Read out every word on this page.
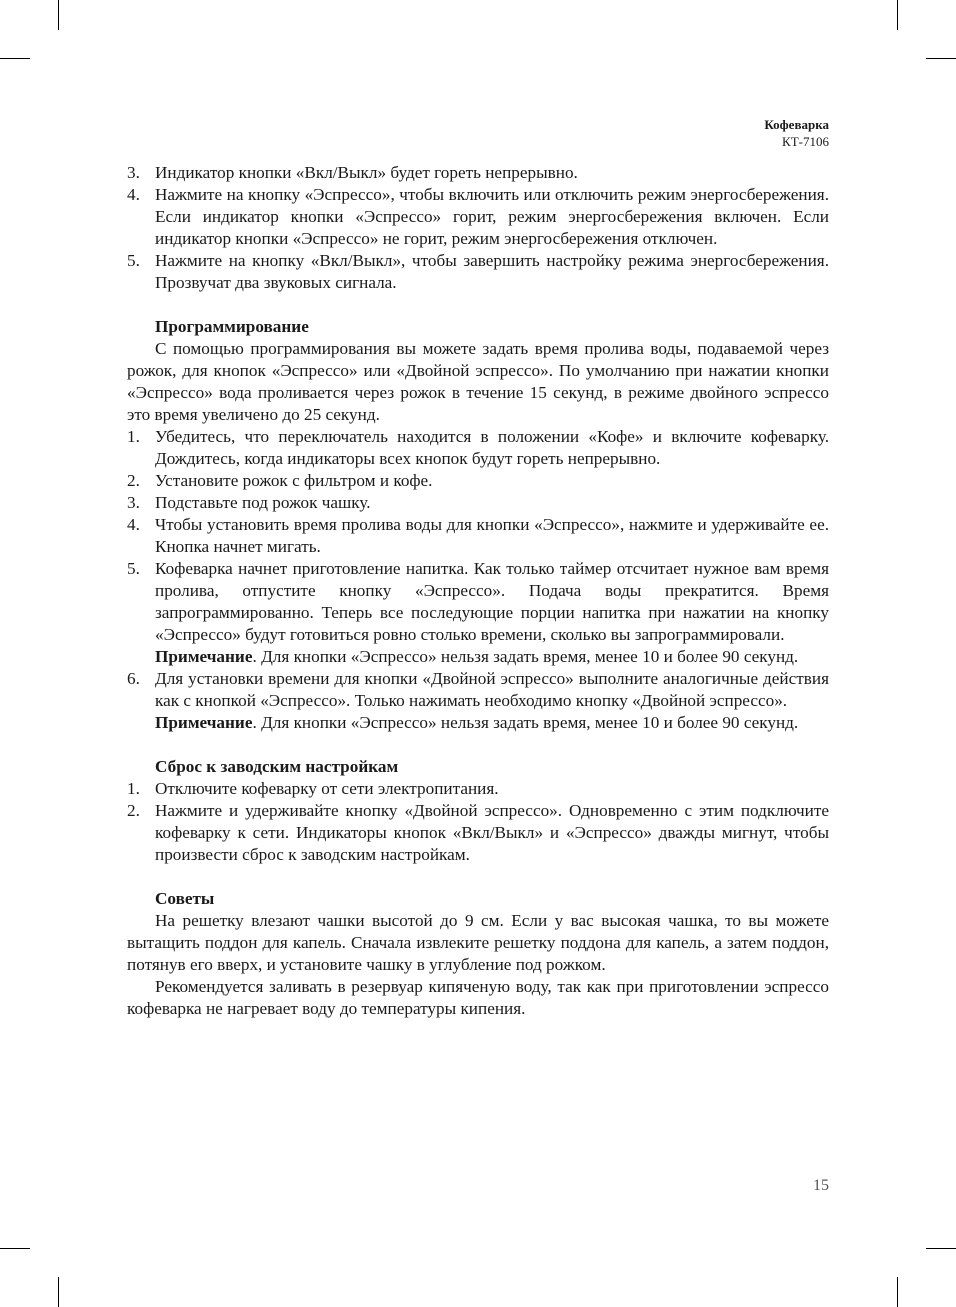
Кофеварка
КТ-7106
3. Индикатор кнопки «Вкл/Выкл» будет гореть непрерывно.
4. Нажмите на кнопку «Эспрессо», чтобы включить или отключить режим энергосбережения. Если индикатор кнопки «Эспрессо» горит, режим энергосбережения включен. Если индикатор кнопки «Эспрессо» не горит, режим энергосбережения отключен.
5. Нажмите на кнопку «Вкл/Выкл», чтобы завершить настройку режима энергосбережения. Прозвучат два звуковых сигнала.
Программирование
С помощью программирования вы можете задать время пролива воды, подаваемой через рожок, для кнопок «Эспрессо» или «Двойной эспрессо». По умолчанию при нажатии кнопки «Эспрессо» вода проливается через рожок в течение 15 секунд, в режиме двойного эспрессо это время увеличено до 25 секунд.
1. Убедитесь, что переключатель находится в положении «Кофе» и включите кофеварку. Дождитесь, когда индикаторы всех кнопок будут гореть непрерывно.
2. Установите рожок с фильтром и кофе.
3. Подставьте под рожок чашку.
4. Чтобы установить время пролива воды для кнопки «Эспрессо», нажмите и удерживайте ее. Кнопка начнет мигать.
5. Кофеварка начнет приготовление напитка. Как только таймер отсчитает нужное вам время пролива, отпустите кнопку «Эспрессо». Подача воды прекратится. Время запрограммированно. Теперь все последующие порции напитка при нажатии на кнопку «Эспрессо» будут готовиться ровно столько времени, сколько вы запрограммировали.
Примечание. Для кнопки «Эспрессо» нельзя задать время, менее 10 и более 90 секунд.
6. Для установки времени для кнопки «Двойной эспрессо» выполните аналогичные действия как с кнопкой «Эспрессо». Только нажимать необходимо кнопку «Двойной эспрессо».
Примечание. Для кнопки «Эспрессо» нельзя задать время, менее 10 и более 90 секунд.
Сброс к заводским настройкам
1. Отключите кофеварку от сети электропитания.
2. Нажмите и удерживайте кнопку «Двойной эспрессо». Одновременно с этим подключите кофеварку к сети. Индикаторы кнопок «Вкл/Выкл» и «Эспрессо» дважды мигнут, чтобы произвести сброс к заводским настройкам.
Советы
На решетку влезают чашки высотой до 9 см. Если у вас высокая чашка, то вы можете вытащить поддон для капель. Сначала извлеките решетку поддона для капель, а затем поддон, потянув его вверх, и установите чашку в углубление под рожком.
Рекомендуется заливать в резервуар кипяченую воду, так как при приготовлении эспрессо кофеварка не нагревает воду до температуры кипения.
15
